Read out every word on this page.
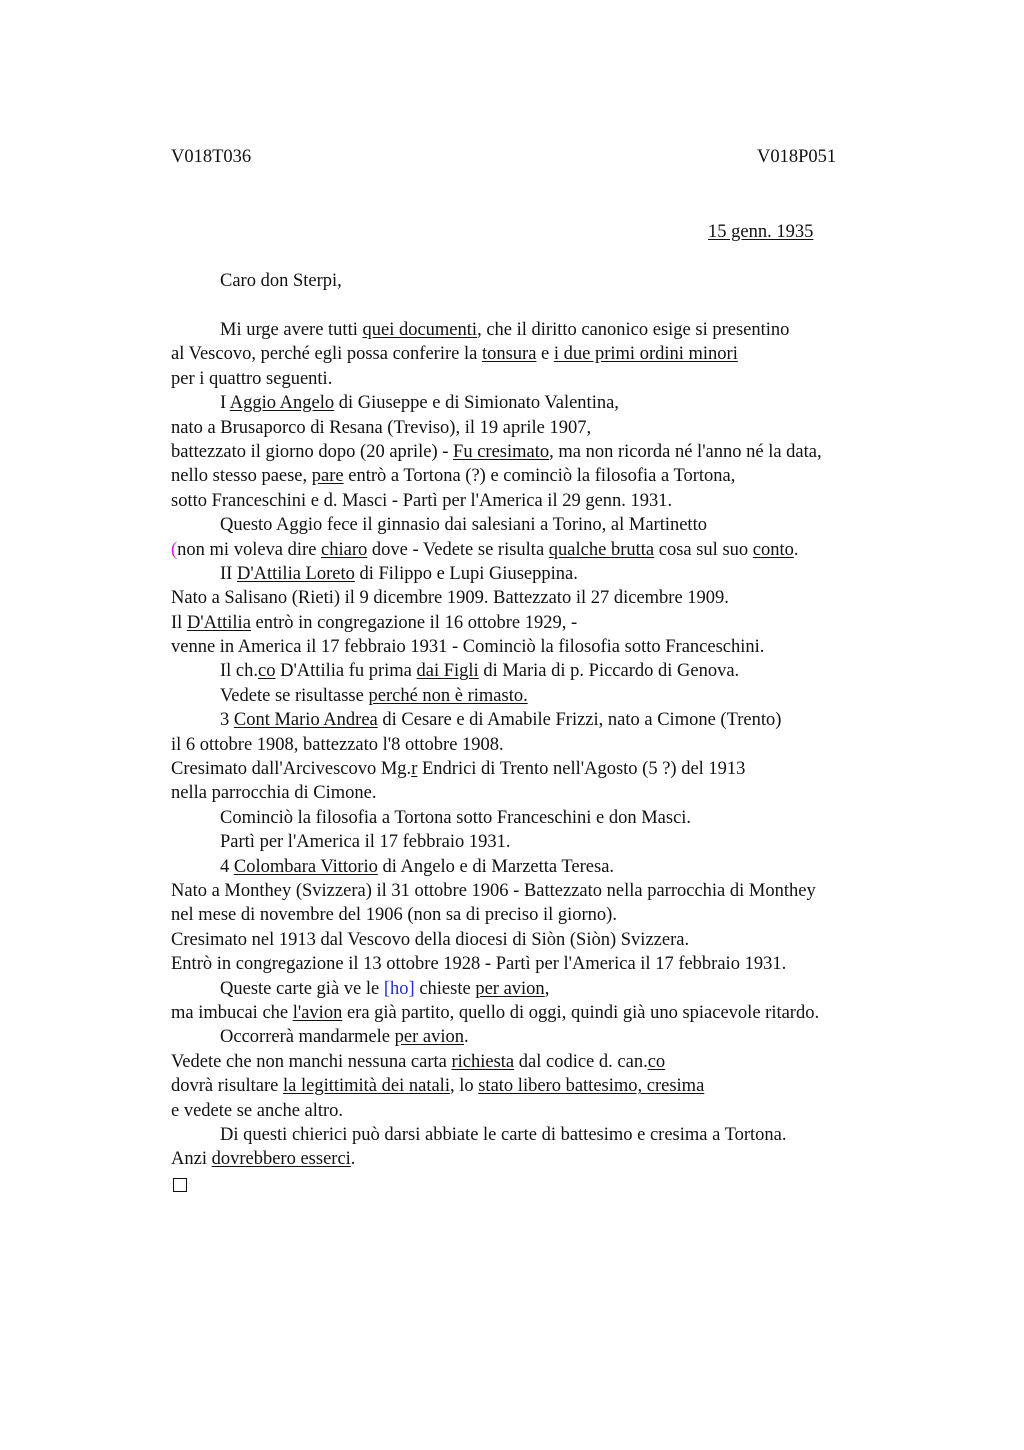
V018T036	V018P051
15 genn. 1935
Caro don Sterpi,
Mi urge avere tutti quei documenti, che il diritto canonico esige si presentino
al Vescovo, perché egli possa conferire la tonsura e i due primi ordini minori
per i quattro seguenti.
I Aggio Angelo di Giuseppe e di Simionato Valentina,
nato a Brusaporco di Resana (Treviso), il 19 aprile 1907,
battezzato il giorno dopo (20 aprile) - Fu cresimato, ma non ricorda né l'anno né la data,
nello stesso paese, pare entrò a Tortona (?) e cominciò la filosofia a Tortona,
sotto Franceschini e d. Masci - Partì per l'America il 29 genn. 1931.
Questo Aggio fece il ginnasio dai salesiani a Torino, al Martinetto
(non mi voleva dire chiaro dove - Vedete se risulta qualche brutta cosa sul suo conto.
II D'Attilia Loreto di Filippo e Lupi Giuseppina.
Nato a Salisano (Rieti) il 9 dicembre 1909. Battezzato il 27 dicembre 1909.
Il D'Attilia entrò in congregazione il 16 ottobre 1929, -
venne in America il 17 febbraio 1931 - Cominciò la filosofia sotto Franceschini.
Il ch.co D'Attilia fu prima dai Figli di Maria di p. Piccardo di Genova.
Vedete se risultasse perché non è rimasto.
3 Cont Mario Andrea di Cesare e di Amabile Frizzi, nato a Cimone (Trento)
il 6 ottobre 1908, battezzato l'8 ottobre 1908.
Cresimato dall'Arcivescovo Mg.r Endrici di Trento nell'Agosto (5 ?) del 1913
nella parrocchia di Cimone.
Cominciò la filosofia a Tortona sotto Franceschini e don Masci.
Partì per l'America il 17 febbraio 1931.
4 Colombara Vittorio di Angelo e di Marzetta Teresa.
Nato a Monthey (Svizzera) il 31 ottobre 1906 - Battezzato nella parrocchia di Monthey
nel mese di novembre del 1906 (non sa di preciso il giorno).
Cresimato nel 1913 dal Vescovo della diocesi di Siòn (Siòn) Svizzera.
Entrò in congregazione il 13 ottobre 1928 - Partì per l'America il 17 febbraio 1931.
Queste carte già ve le [ho] chieste per avion,
ma imbucai che l'avion era già partito, quello di oggi, quindi già uno spiacevole ritardo.
Occorrerà mandarmele per avion.
Vedete che non manchi nessuna carta richiesta dal codice d. can.co
dovrà risultare la legittimità dei natali, lo stato libero battesimo, cresima
e vedete se anche altro.
Di questi chierici può darsi abbiate le carte di battesimo e cresima a Tortona.
Anzi dovrebbero esserci.
